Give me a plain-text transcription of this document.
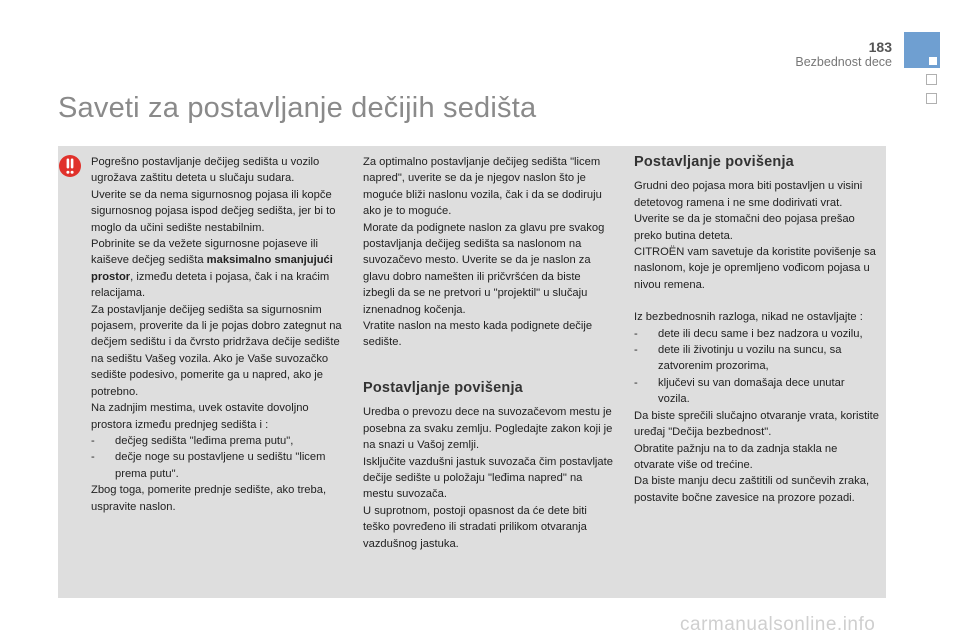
183
Bezbednost dece
Saveti za postavljanje dečijih sedišta

Pogrešno postavljanje dečijeg sedišta u vozilo ugrožava zaštitu deteta u slučaju sudara.

Uverite se da nema sigurnosnog pojasa ili kopče sigurnosnog pojasa ispod dečjeg sedišta, jer bi to moglo da učini sedište nestabilnim.

Pobrinite se da vežete sigurnosne pojaseve ili kaiševe dečjeg sedišta maksimalno smanjujući prostor, između deteta i pojasa, čak i na kraćim relacijama.

Za postavljanje dečijeg sedišta sa sigurnosnim pojasem, proverite da li je pojas dobro zategnut na dečjem sedištu i da čvrsto pridržava dečije sedište na sedištu Vašeg vozila. Ako je Vaše suvozačko sedište podesivo, pomerite ga u napred, ako je potrebno.

Na zadnjim mestima, uvek ostavite dovoljno prostora između prednjeg sedišta i :

-	dečjeg sedišta "leđima prema putu",
-	dečje noge su postavljene u sedištu "licem prema putu".

Zbog toga, pomerite prednje sedište, ako treba, uspravite naslon.

Za optimalno postavljanje dečijeg sedišta "licem napred", uverite se da je njegov naslon što je moguće bliži naslonu vozila, čak i da se dodiruju ako je to moguće.

Morate da podignete naslon za glavu pre svakog postavljanja dečijeg sedišta sa naslonom na suvozačevo mesto. Uverite se da je naslon za glavu dobro namešten ili pričvršćen da biste izbegli da se ne pretvori u "projektil" u slučaju iznenadnog kočenja.

Vratite naslon na mesto kada podignete dečije sedište.

Postavljanje povišenja

Uredba o prevozu dece na suvozačevom mestu je posebna za svaku zemlju. Pogledajte zakon koji je na snazi u Vašoj zemlji.

Isključite vazdušni jastuk suvozača čim postavljate dečije sedište u položaju "leđima napred" na mestu suvozača.

U suprotnom, postoji opasnost da će dete biti teško povređeno ili stradati prilikom otvaranja vazdušnog jastuka.

Postavljanje povišenja

Grudni deo pojasa mora biti postavljen u visini detetovog ramena i ne sme dodirivati vrat.

Uverite se da je stomačni deo pojasa prešao preko butina deteta.

CITROËN vam savetuje da koristite povišenje sa naslonom, koje je opremljeno vođicom pojasa u nivou remena.

Iz bezbednosnih razloga, nikad ne ostavljajte :

-	dete ili decu same i bez nadzora u vozilu,
-	dete ili životinju u vozilu na suncu, sa zatvorenim prozorima,
-	ključevi su van domašaja dece unutar vozila.

Da biste sprečili slučajno otvaranje vrata, koristite uređaj "Dečija bezbednost".

Obratite pažnju na to da zadnja stakla ne otvarate više od trećine.

Da biste manju decu zaštitili od sunčevih zraka, postavite bočne zavesice na prozore pozadi.

carmanualsonline.info
